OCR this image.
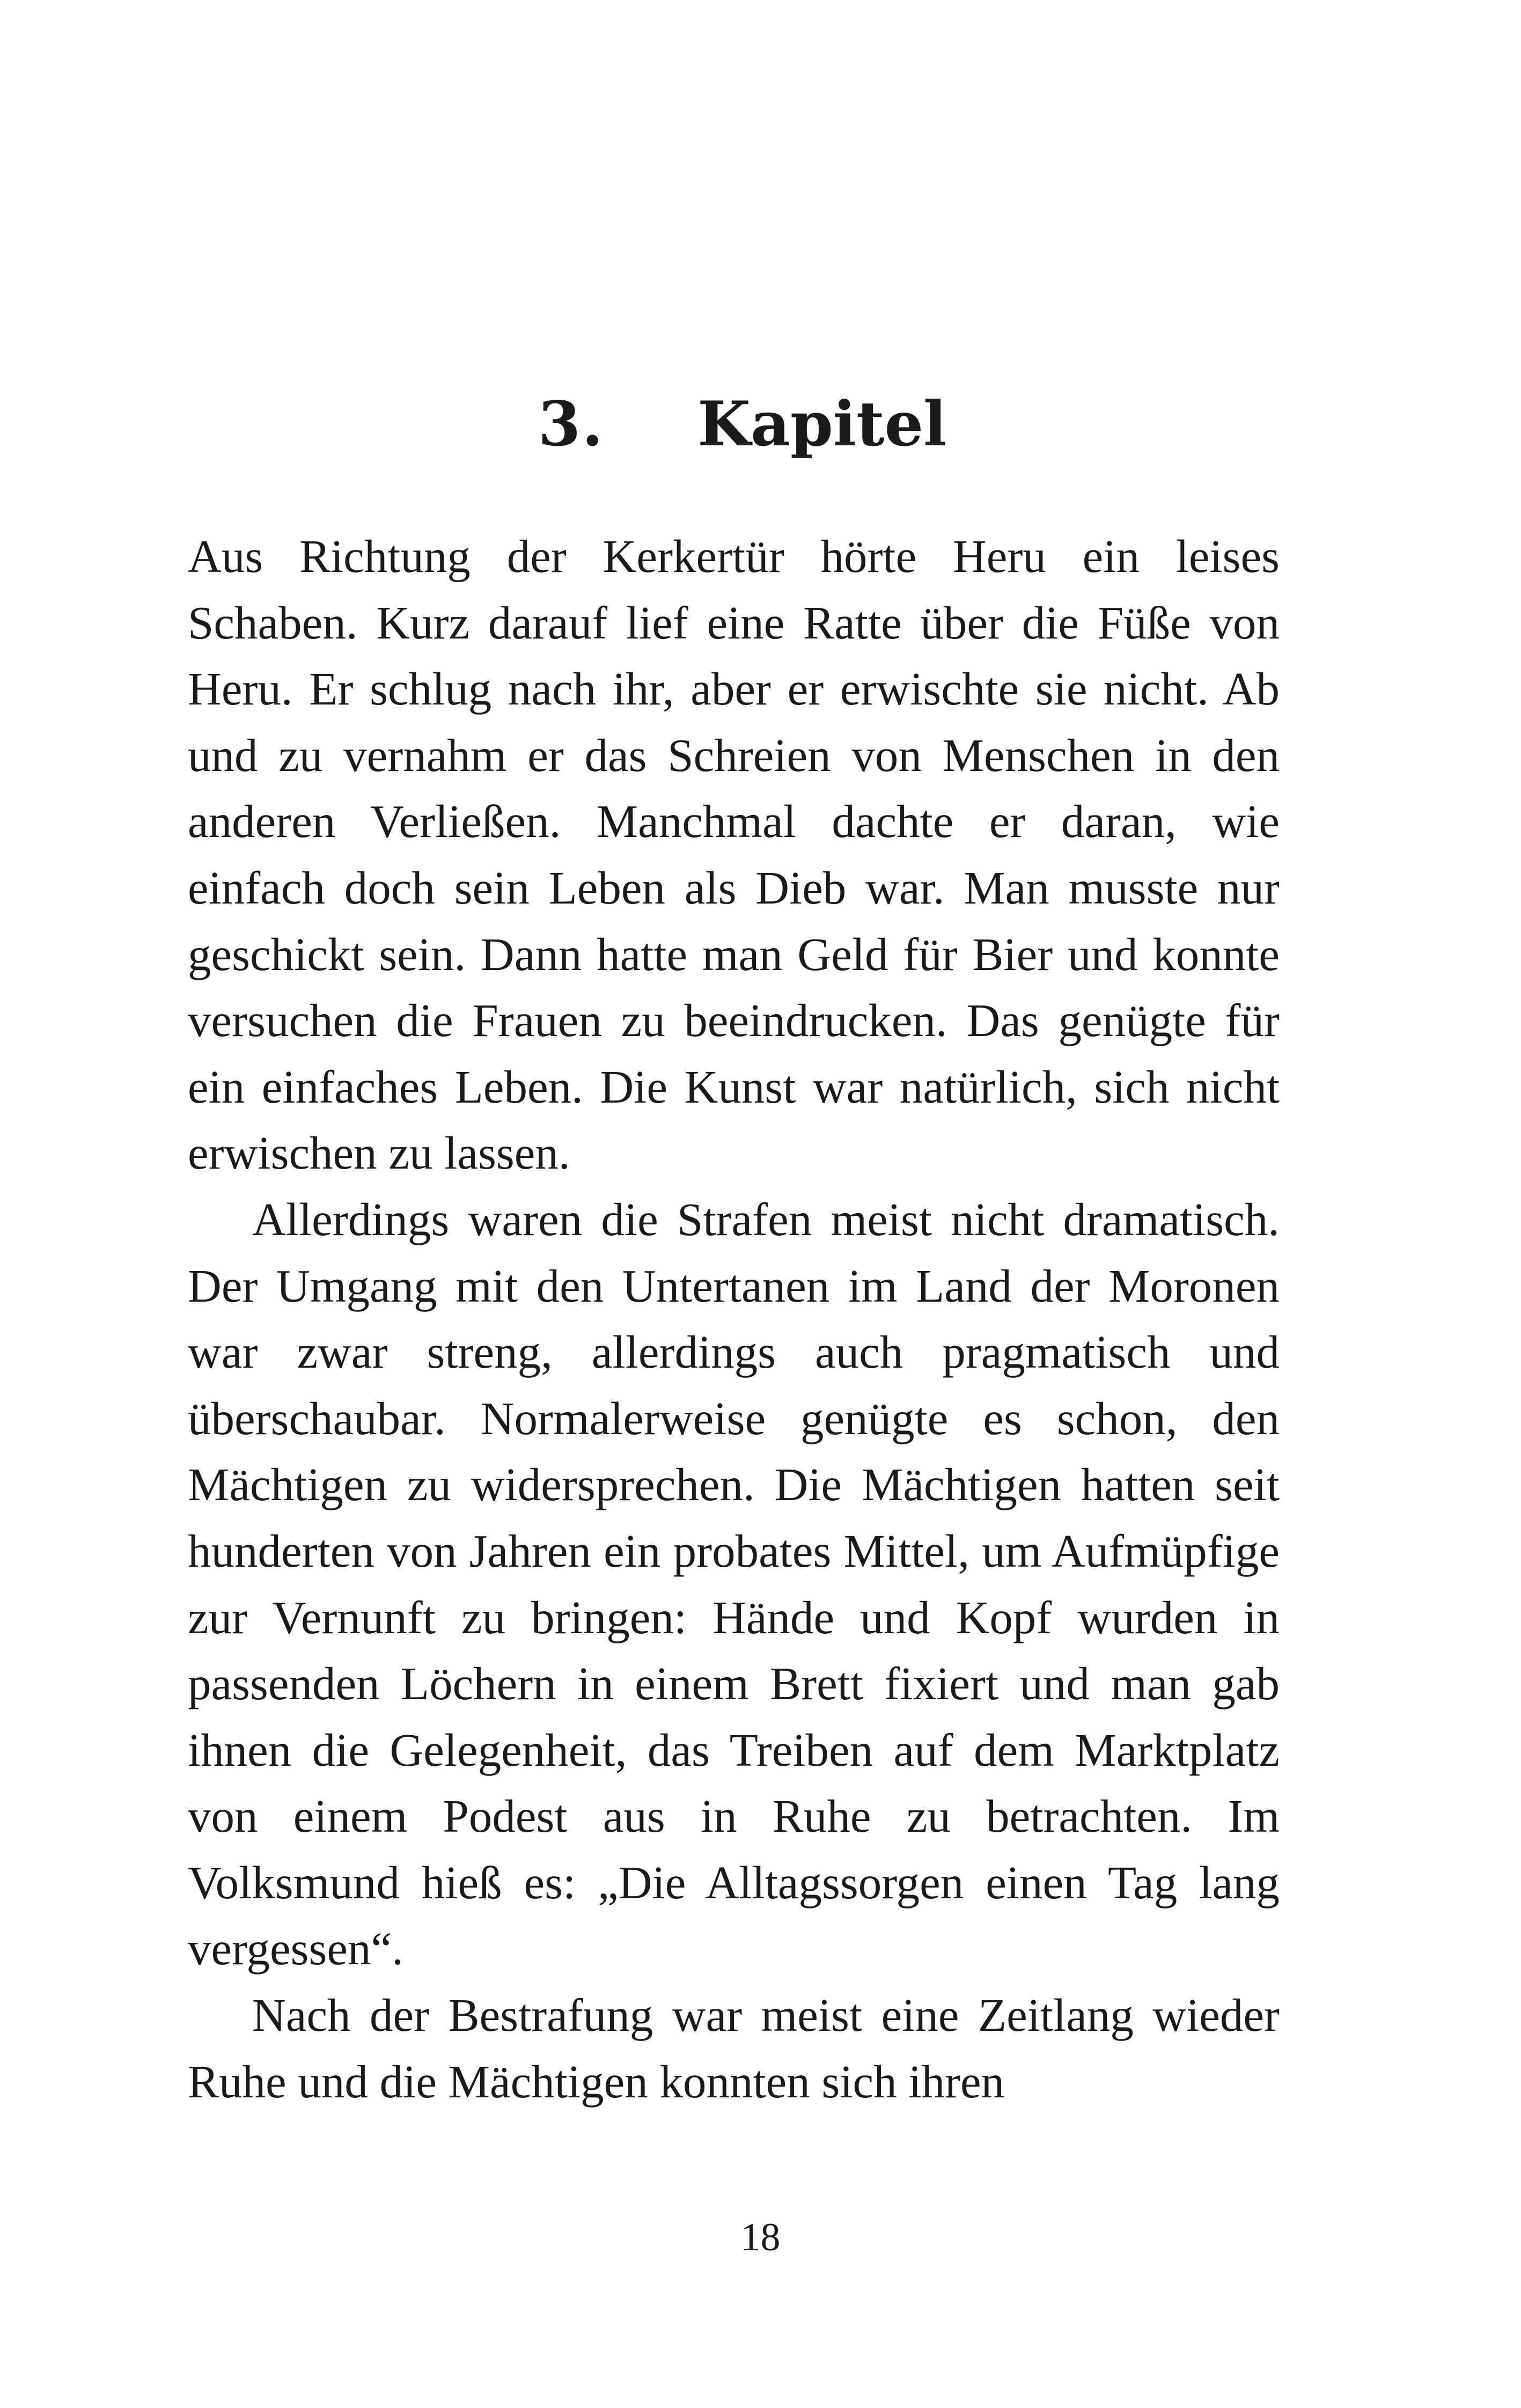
3. Kapitel

Aus Richtung der Kerkertür hörte Heru ein leises Schaben. Kurz darauf lief eine Ratte über die Füße von Heru. Er schlug nach ihr, aber er erwischte sie nicht. Ab und zu vernahm er das Schreien von Menschen in den anderen Verließen. Manchmal dachte er daran, wie einfach doch sein Leben als Dieb war. Man musste nur geschickt sein. Dann hatte man Geld für Bier und konnte versuchen die Frauen zu beeindrucken. Das genügte für ein einfaches Leben. Die Kunst war natürlich, sich nicht erwischen zu lassen.

Allerdings waren die Strafen meist nicht dramatisch. Der Umgang mit den Untertanen im Land der Moronen war zwar streng, allerdings auch pragmatisch und überschaubar. Normalerweise genügte es schon, den Mächtigen zu widersprechen. Die Mächtigen hatten seit hunderten von Jahren ein probates Mittel, um Aufmüpfige zur Vernunft zu bringen: Hände und Kopf wurden in passenden Löchern in einem Brett fixiert und man gab ihnen die Gelegenheit, das Treiben auf dem Marktplatz von einem Podest aus in Ruhe zu betrachten. Im Volksmund hieß es: „Die Alltagssorgen einen Tag lang vergessen“.

Nach der Bestrafung war meist eine Zeitlang wieder Ruhe und die Mächtigen konnten sich ihren

18
